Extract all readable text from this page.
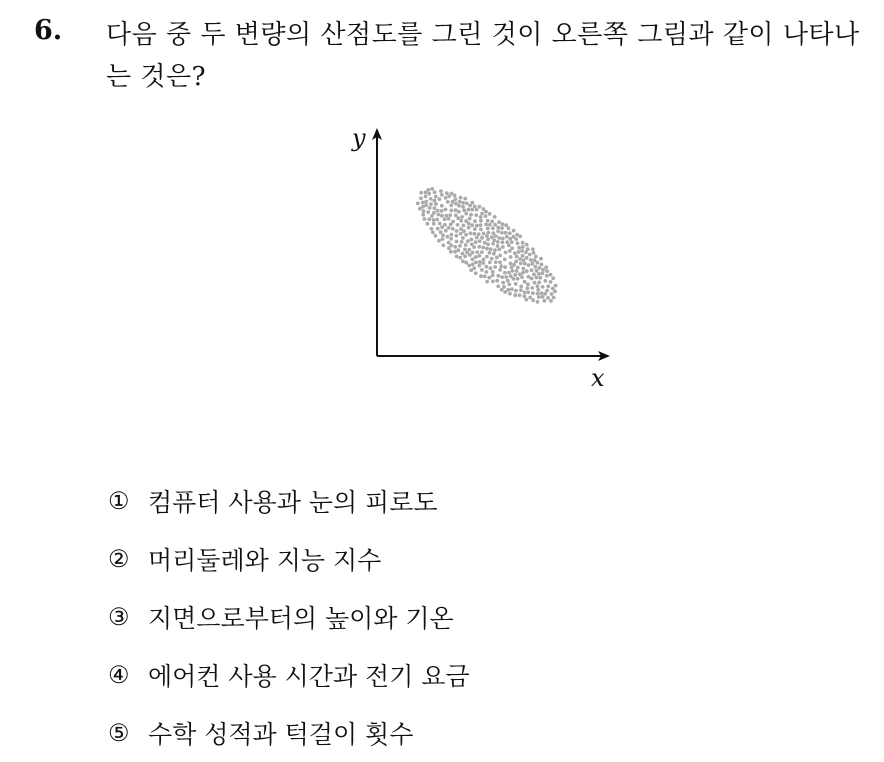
6. 다음 중 두 변량의 산점도를 그린 것이 오른쪽 그림과 같이 나타나는 것은?
y
x
① 컴퓨터 사용과 눈의 피로도
② 머리둘레와 지능 지수
③ 지면으로부터의 높이와 기온
④ 에어컨 사용 시간과 전기 요금
⑤ 수학 성적과 턱걸이 횟수
